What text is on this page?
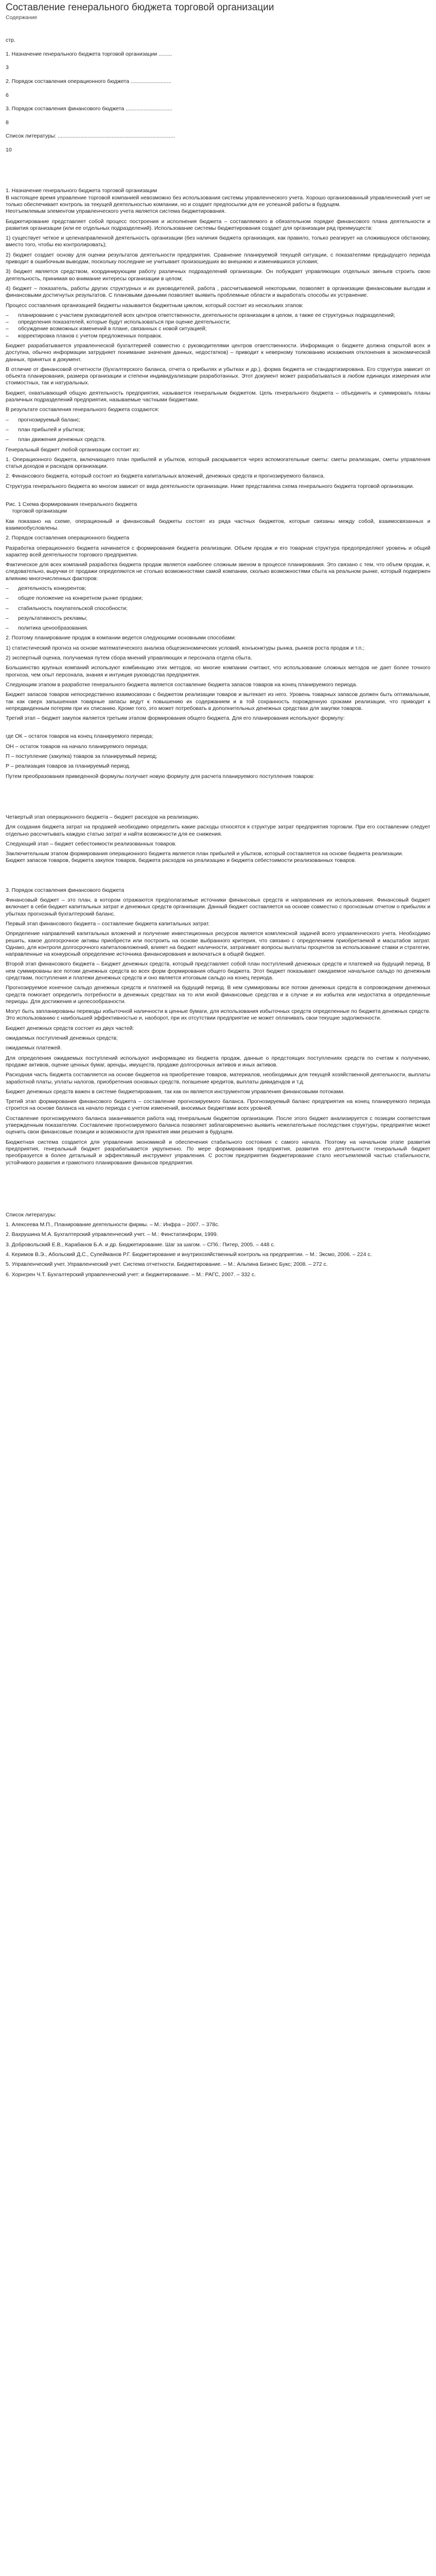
Составление генерального бюджета торговой организации
Содержание

стр.

1. Назначение генерального бюджета торговой организации .........

3

2. Порядок составления операционного бюджета ...........................

6

3. Порядок составления финансового бюджета ...............................

8

Список литературы: ..............................................................................

10

1. Назначение генерального бюджета торговой организации

В настоящее время управление торговой компанией невозможно без использования системы управленческого учета. Хорошо организованный управленческий учет не только обеспечивает контроль за текущей деятельностью компании, но и создает предпосылки для ее успешной работы в будущем.

Неотъемлемым элементом управленческого учета является система бюджетирования.

Бюджетирование представляет собой процесс построения и исполнения бюджета – составляемого в обязательном порядке финансового плана деятельности и развития организации (или ее отдельных подразделений). Использование системы бюджетирования создает для организации ряд преимуществ:

1) существует четкое и целенаправленной деятельность организации (без наличия бюджета организация, как правило, только реагирует на сложившуюся обстановку, вместо того, чтобы ею контролировать);

2) бюджет создает основу для оценки результатов деятельности предприятия. Сравнение планируемой текущей ситуации, с показателями предыдущего периода приводит в ошибочным выводам, поскольку последние не учитывает произошедших во внешнюю и изменившихся условия;

3) бюджет является средством, координирующим работу различных подразделений организации. Он побуждает управляющих отдельных звеньев строить свою деятельность, принимая во внимание интересы организации в целом;

4) бюджет – показатель, работы других структурных и их руководителей, работа , рассчитываемой некоторыми, позволяет в организации финансовыми выгодам и финансовыми достигнутых результатов. С плановыми данными позволяет выявить проблемные области и выработать способы их устранение.

Процесс составления организацией бюджеты называется бюджетным циклом, который состоит из нескольких этапов:

– планирование с участием руководителей всех центров ответственности, деятельности организации в целом, а также ее структурных подразделений;
– определения показателей, которые будут использоваться при оценке деятельности;
– обсуждение возможных изменений в плане, связанных с новой ситуацией;
– корректировка планов с учетом предложенных поправок.

Бюджет разрабатывается управленческой бухгалтерией совместно с руководителями центров ответственности. Информация о бюджете должна открытой всех и доступна, обычно информации затрудняет понимание значения данных, недостатков) – приводит к неверному толкованию искажения отклонения в экономической данных, принятых в документ.

В отличие от финансовой отчетности (бухгалтерского баланса, отчета о прибылях и убытках и др.), форма бюджета не стандартизирована. Его структура зависит от объекта планирования, размера организации и степени индивидуализации разработанных. Этот документ может разрабатываться в любом единицах измерения или стоимостных, так и натуральных.

Бюджет, охватывающий общую деятельность предприятия, называется генеральным бюджетом. Цель генерального бюджета – объединить и суммировать планы различных подразделений предприятия, называемые частными бюджетами.

В результате составления генерального бюджета создаются:

– прогнозируемый баланс;
– план прибылей и убытков;
– план движения денежных средств.

Генеральный бюджет любой организации состоит из:

1. Операционного бюджета, включающего план прибылей и убытков, который раскрывается через вспомогательные сметы: сметы реализации, сметы управления статья доходов и расходов организации.

2. Финансового бюджета, который состоит из бюджета капитальных вложений, денежных средств и прогнозируемого баланса.

Структура генерального бюджета во многом зависит от вида деятельности организации. Ниже представлена схема генерального бюджета торговой организации.

Рис. 1 Схема формирования генерального бюджета

торговой организации

Как показано на схеме, операционный и финансовый бюджеты состоят из ряда частных бюджетов, которые связаны между собой, взаимосвязанных и взаимообусловлены.

2. Порядок составления операционного бюджета

Разработка операционного бюджета начинается с формирования бюджета реализации. Объем продаж и его товарная структура предопределяют уровень и общий характер всей деятельности торгового предприятия.

Фактическое для всех компаний разработка бюджета продаж является наиболее сложным звеном в процессе планирования. Это связано с тем, что объем продаж, и, следовательно, выручки от продажи определяются не столько возможностями самой компании, сколько возможностями сбыта на реальном рынке, который подвержен влиянию многочисленных факторов:

– деятельность конкурентов;
– общее положение на конкретном рынке продажи;
– стабильность покупательской способности;
– результативность рекламы;
– политика ценообразования.

2. Поэтому планирование продаж в компании ведется следующими основными способами:

1) статистический прогноз на основе математического анализа общеэкономических условий, конъюнктуры рынка, рынков роста продаж и т.п.;

2) экспертный оценка, получаемая путем сбора мнений управляющих и персонала отдела сбыта.

Большинство крупных компаний используют комбинацию этих методов, но многие компании считают, что использование сложных методов не дает более точного прогноза, чем опыт персонала, знания и интуиция руководства предприятия.

Следующим этапом в разработке генерального бюджета является составление бюджета запасов товаров на конец планируемого периода.

Бюджет запасов товаров непосредственно взаимосвязан с бюджетом реализации товаров и вытекает из него. Уровень товарных запасов должен быть оптимальным, так как сверх запышенная товарные запасы ведут к повышению их содержанием и в той сохранность порожденную сроками реализации, что приводит к непредвиденным потерям при их списанию. Кроме того, это может потребовать в дополнительных денежных средствах для закупки товаров.

Третий этап – бюджет закупок является третьим этапом формирования общего бюджета. Для его планирования используют формулу:

где ОК – остаток товаров на конец планируемого периода;

ОН – остаток товаров на начало планируемого периода;

П – поступление (закупка) товаров за планируемый период;

Р – реализация товаров за планируемый период.

Путем преобразования приведенной формулы получает новую формулу для расчета планируемого поступления товаров:

Четвертый этап операционного бюджета – бюджет расходов на реализацию.

Для создания бюджета затрат на продажей необходимо определить какие расходы относятся к структуре затрат предприятия торговли. При его составлении следует отдельно рассчитывать каждую статью затрат и найти возможности для ее снижения.

Следующий этап – бюджет себестоимости реализованных товаров.

Заключительным этапом формирования операционного бюджета является план прибылей и убытков, который составляется на основе бюджета реализации.

Бюджет запасов товаров, бюджета закупок товаров, бюджета расходов на реализацию и бюджета себестоимости реализованных товаров.

3. Порядок составления финансового бюджета

Финансовый бюджет – это план, в котором отражаются предполагаемые источники финансовых средств и направления их использования. Финансовый бюджет включает в себя бюджет капитальных затрат и денежных средств организации. Данный бюджет составляется на основе совместно с прогнозным отчетом о прибылях и убытках прогнозный бухгалтерский баланс.

Первый этап финансового бюджета – составление бюджета капитальных затрат.

Определение направлений капитальных вложений и получение инвестиционных ресурсов является комплексной задачей всего управленческого учета. Необходимо решить, какое долгосрочное активы приобрести или построить на основе выбранного критерия, что связано с определением приобретаемой и масштабов затрат. Однако, для контроля долгосрочного капиталовложений, влияет на бюджет наличности, затрагивает вопросы выплаты процентов за использование ставки и стратегии, направленные на конкурсный определение источника финансирования и включаться в общей бюджет.

Второй этап финансового бюджета – Бюджет денежных средств, который представляет собой план поступлений денежных средств и платежей на будущий период. В нем суммированы все потоки денежных средств во всех форм формирования общего бюджета. Этот бюджет показывает ожидаемое начальное сальдо по денежным средствам, поступления и платежи денежных средств и оно является итоговым сальдо на конец периода.

Прогнозируемое конечное сальдо денежных средств и платежей на будущий период. В нем суммированы все потоки денежных средств в сопровождении денежных средств помогает определить потребности в денежных средствах на то или иной финансовые средства и в случае и их избытка или недостатка в определенные периоды. Для достижения и целесообразности.

Могут быть запланированы переводы избыточной наличности в ценные бумаги, для использования избыточных средств определенные по бюджета денежных средств. Это использованию с наибольшей эффективностью и, наоборот, при их отсутствии предприятие не может оплачивать свои текущие задолженности.

Бюджет денежных средств состоит из двух частей:

ожидаемых поступлений денежных средств;

ожидаемых платежей.

Для определения ожидаемых поступлений используют информацию из бюджета продаж, данные о предстоящих поступлениях средств по счетам к получению, продаже активов, оценке ценных бумаг, аренды, имуществ, продаже долгосрочных активов и иных активов.

Расходная часть бюджета составляется на основе бюджетов на приобретение товаров, материалов, необходимых для текущей хозяйственной деятельности, выплаты заработной платы, уплаты налогов, приобретения основных средств, погашение кредитов, выплаты дивидендов и т.д.

Бюджет денежных средств важен в системе бюджетирования, так как он является инструментом управления финансовыми потоками.

Третий этап формирования финансового бюджета – составление прогнозируемого баланса. Прогнозируемый баланс предприятия на конец планируемого периода строится на основе баланса на начало периода с учетом изменений, вносимых бюджетами всех уровней.

Составление прогнозируемого баланса заканчивается работа над генеральным бюджетом организации. После этого бюджет анализируется с позиции соответствия утвержденным показателям. Составление прогнозируемого баланса позволяет заблаговременно выявить нежелательные последствия структуры, предприятие может оценить свои финансовые позиции и возможности для принятия ими решения в будущем.

Бюджетная система создается для управления экономикой и обеспечения стабильного состояния с самого начала. Поэтому на начальном этапе развития предприятия, генеральный бюджет разрабатывается укрупненно. По мере формирования предприятия, развития его деятельности генеральный бюджет преобразуется в более детальный и эффективный инструмент управления. С ростом предприятия бюджетирование стало неотъемлемой частью стабильности, устойчивого развития и грамотного планирования финансов предприятия.

Список литературы:

1. Алексеева М.П., Планирование деятельности фирмы. – М.: Инфра – 2007. – 378с.

2. Вахрушина М.А. Бухгалтерский управленческий учет. – М.: Финстатинформ, 1999.

3. Добровольский Е.В., Карабанов Б.А. и др. Бюджетирование. Шаг за шагом. – СПб.: Питер, 2005. – 448 с.

4. Керимов В.Э., Абольский Д.С., Сулейманов Р.Г. Бюджетирование и внутрихозяйственный контроль на предприятии. – М.: Эксмо, 2006. – 224 с.

5. Управленческий учет. Управленческий учет. Система отчетности. Бюджетирование. – М.: Альпина Бизнес Букс; 2008. – 272 с.

6. Хорнгрен Ч.Т. Бухгалтерский управленческий учет: и бюджетирование. – М.: РАГС, 2007. – 332 с.
